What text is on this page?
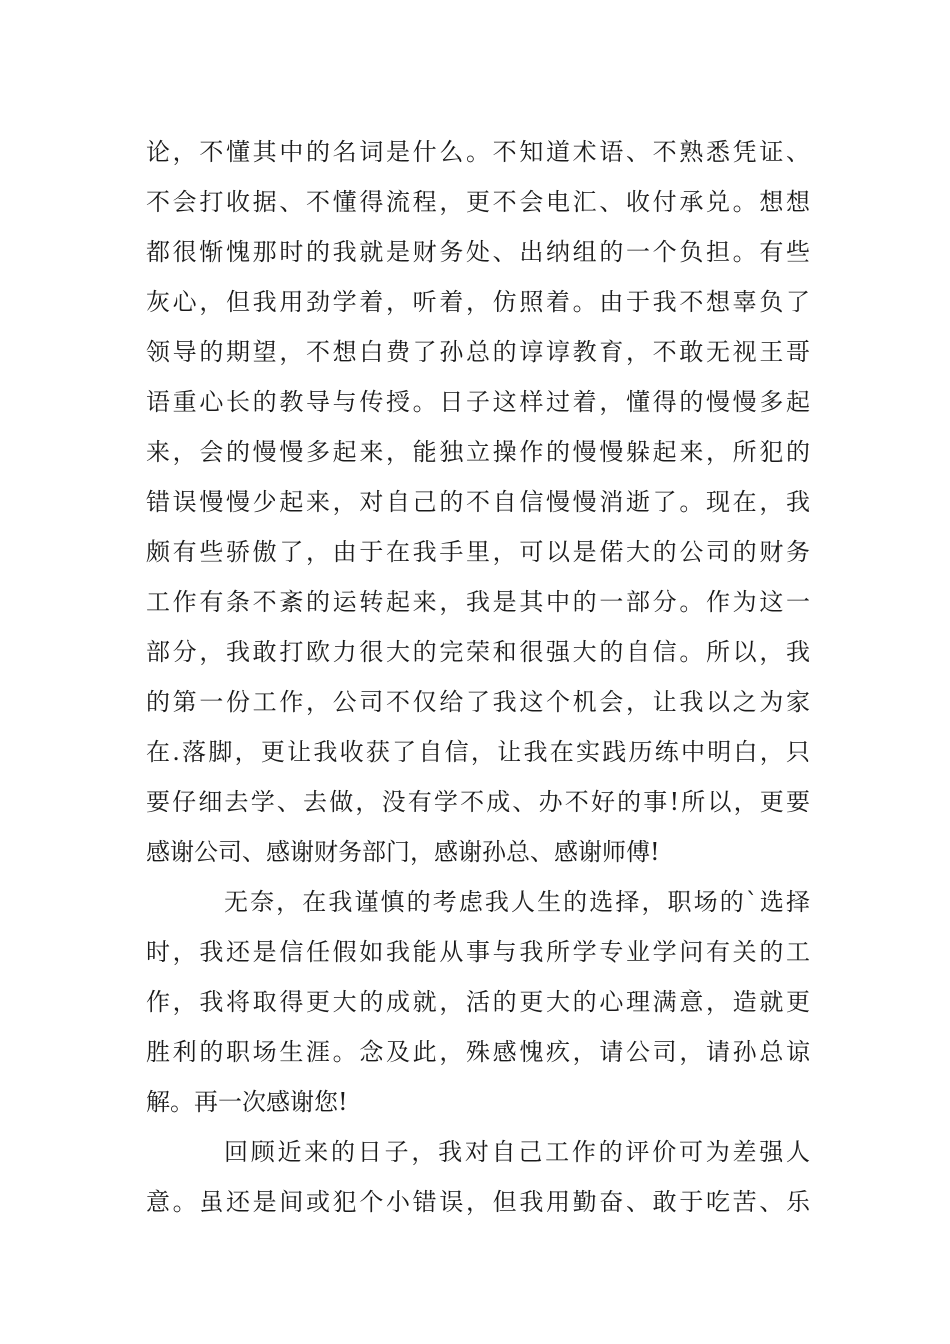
论，不懂其中的名词是什么。不知道术语、不熟悉凭证、
不会打收据、不懂得流程，更不会电汇、收付承兑。想想
都很惭愧那时的我就是财务处、出纳组的一个负担。有些
灰心，但我用劲学着，听着，仿照着。由于我不想辜负了
领导的期望，不想白费了孙总的谆谆教育，不敢无视王哥
语重心长的教导与传授。日子这样过着，懂得的慢慢多起
来，会的慢慢多起来，能独立操作的慢慢躲起来，所犯的
错误慢慢少起来，对自己的不自信慢慢消逝了。现在，我
颇有些骄傲了，由于在我手里，可以是偌大的公司的财务
工作有条不紊的运转起来，我是其中的一部分。作为这一
部分，我敢打欧力很大的完荣和很强大的自信。所以，我
的第一份工作，公司不仅给了我这个机会，让我以之为家
在.落脚，更让我收获了自信，让我在实践历练中明白，只
要仔细去学、去做，没有学不成、办不好的事!所以，更要
感谢公司、感谢财务部门，感谢孙总、感谢师傅!
无奈，在我谨慎的考虑我人生的选择，职场的`选择
时，我还是信任假如我能从事与我所学专业学问有关的工
作，我将取得更大的成就，活的更大的心理满意，造就更
胜利的职场生涯。念及此，殊感愧疚，请公司，请孙总谅
解。再一次感谢您!
回顾近来的日子，我对自己工作的评价可为差强人
意。虽还是间或犯个小错误，但我用勤奋、敢于吃苦、乐
